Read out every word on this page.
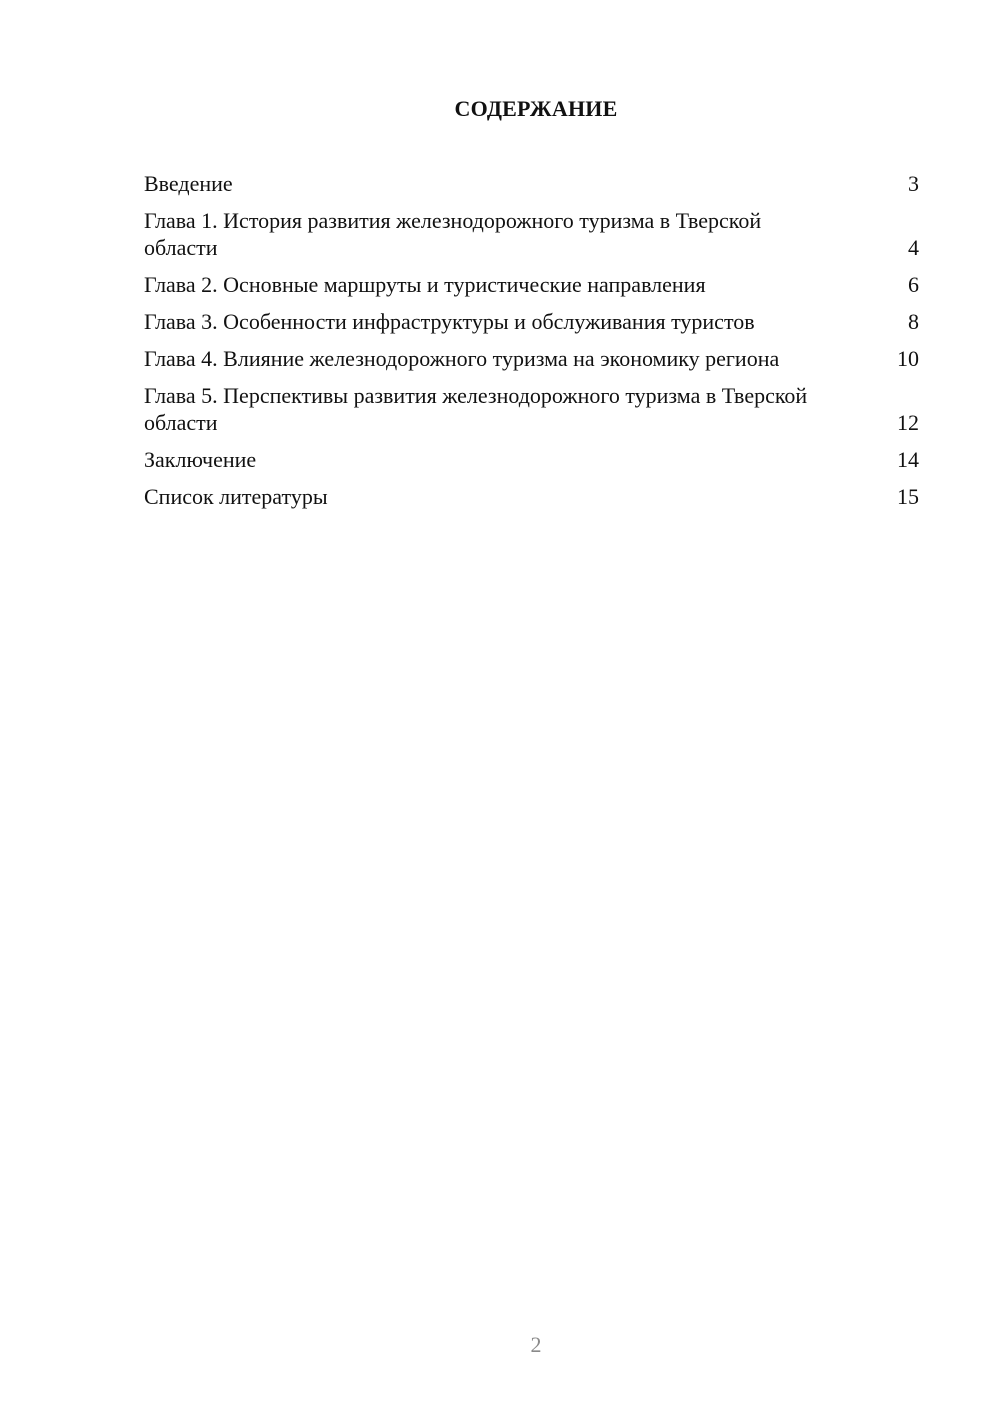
СОДЕРЖАНИЕ
Введение	3
Глава 1. История развития железнодорожного туризма в Тверской области	4
Глава 2. Основные маршруты и туристические направления	6
Глава 3. Особенности инфраструктуры и обслуживания туристов	8
Глава 4. Влияние железнодорожного туризма на экономику региона	10
Глава 5. Перспективы развития железнодорожного туризма в Тверской области	12
Заключение	14
Список литературы	15
2
